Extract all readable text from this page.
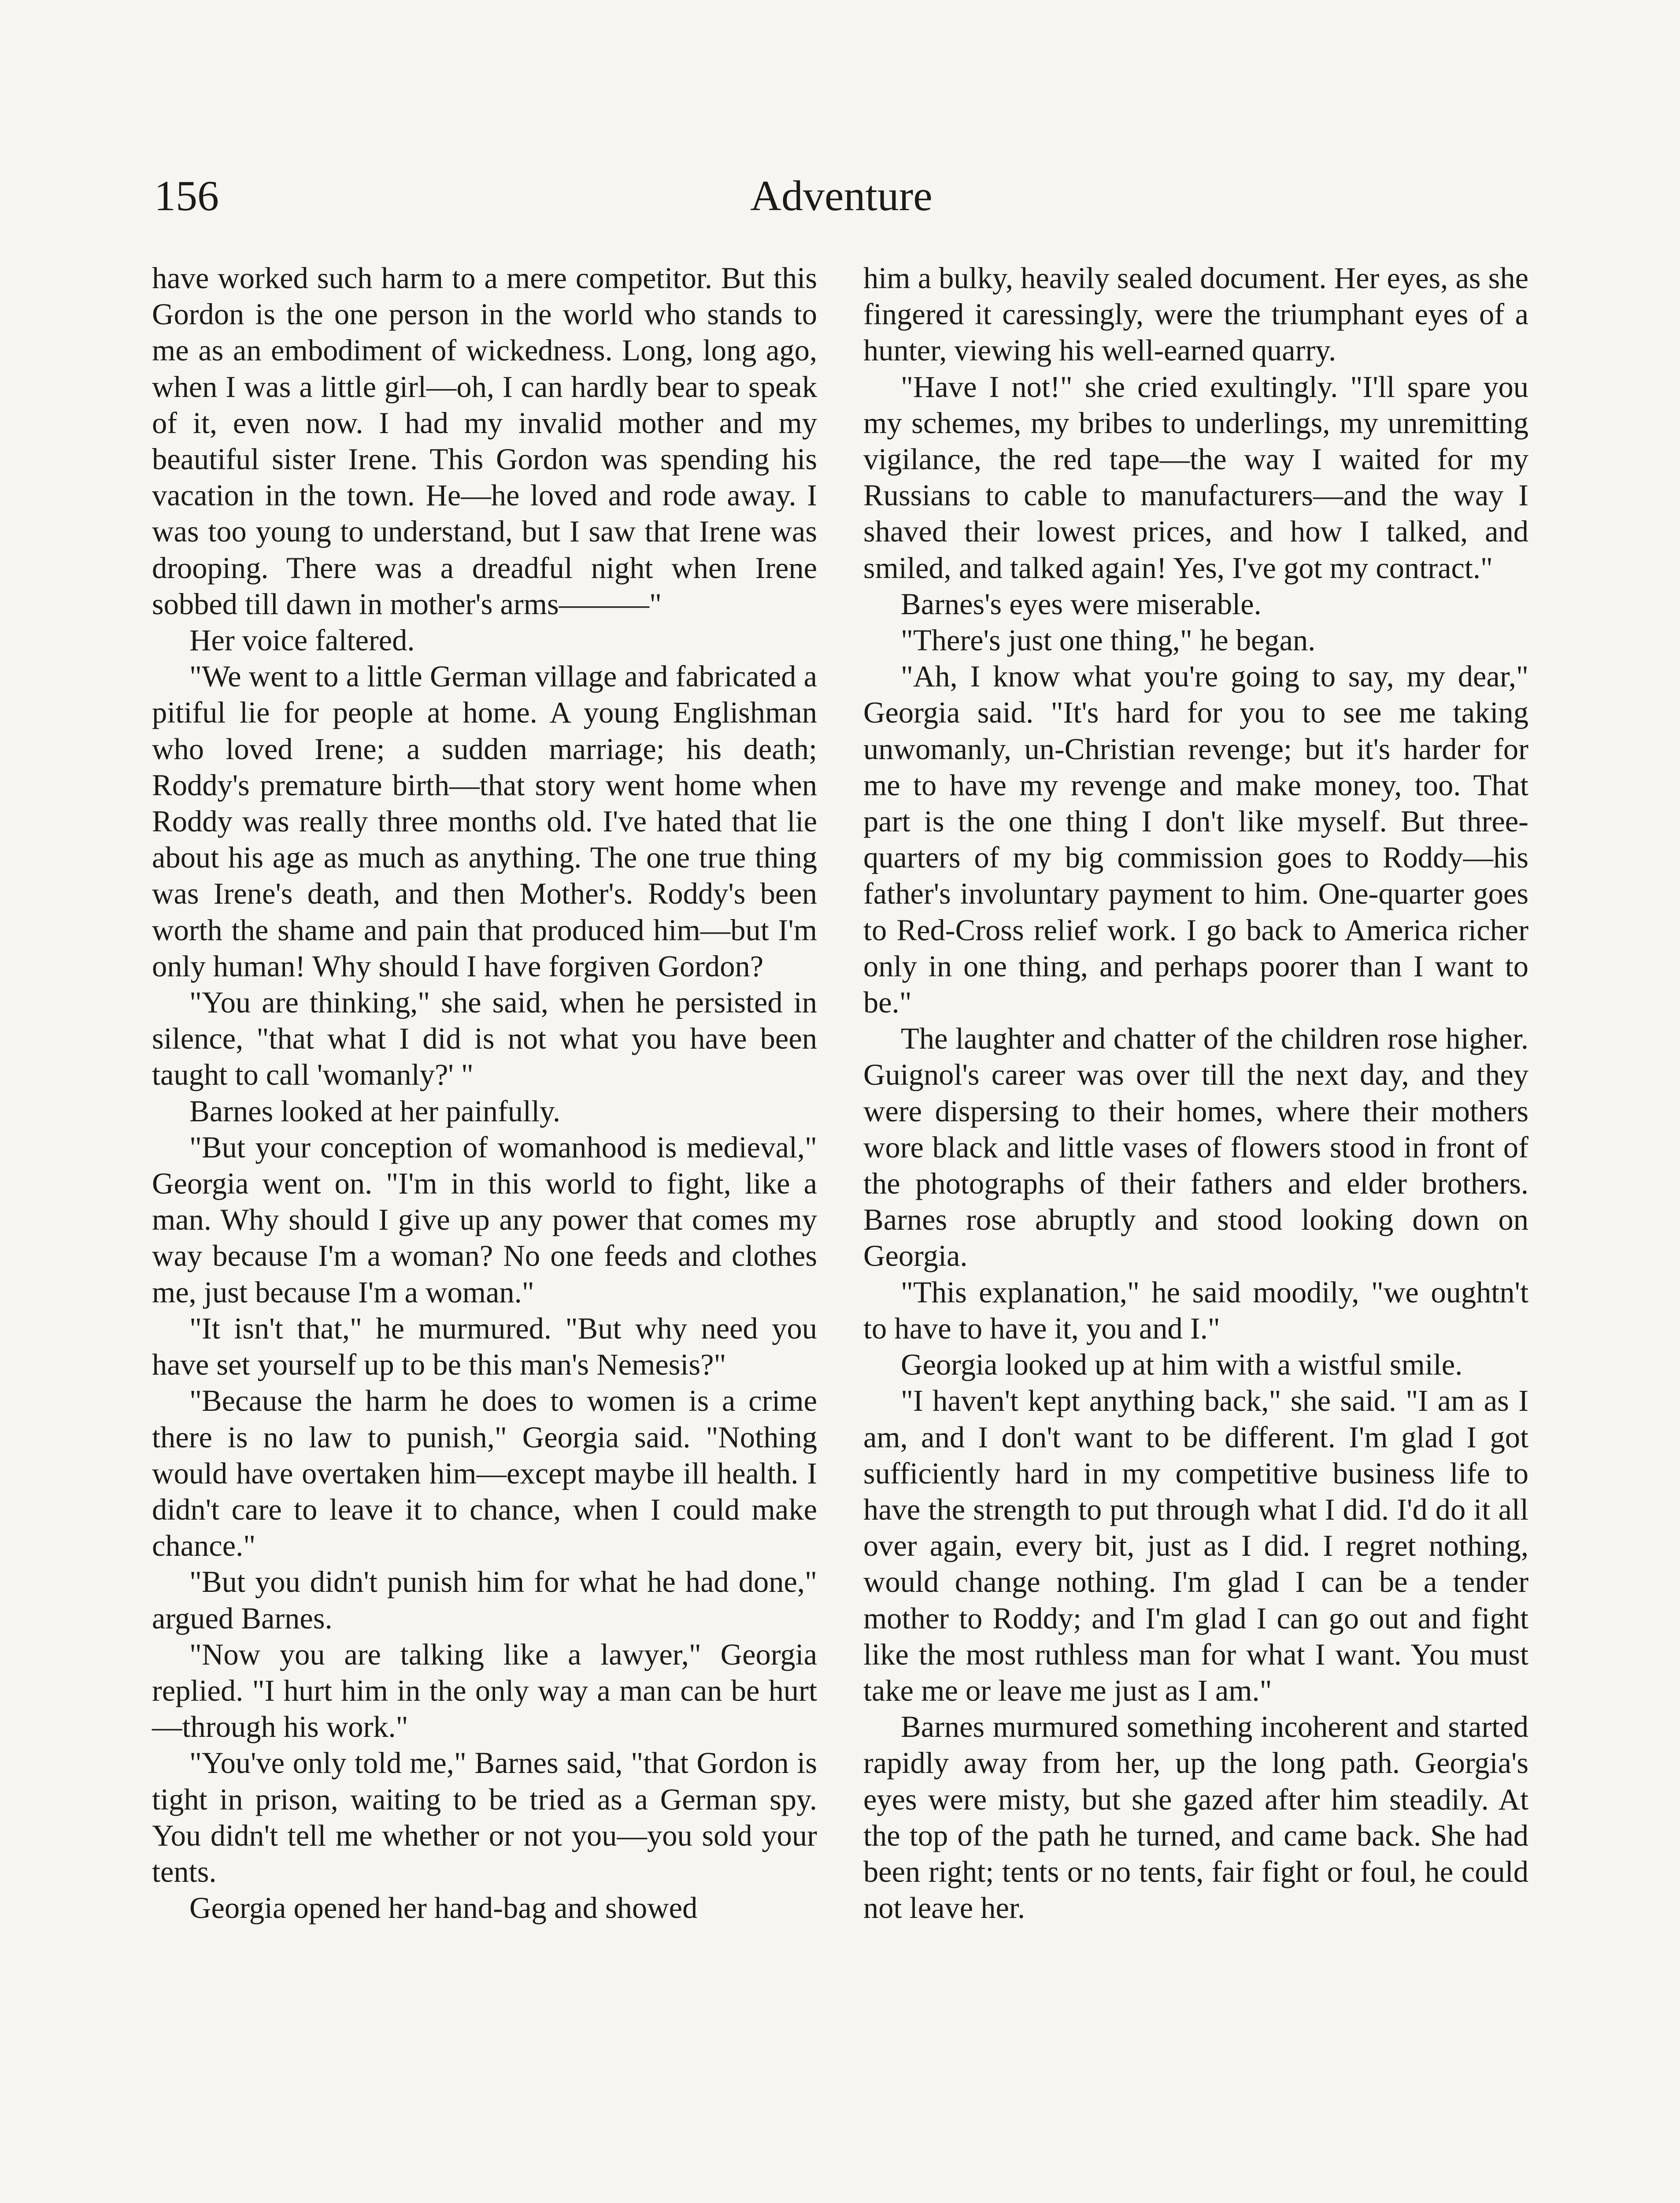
156	Adventure

have worked such harm to a mere competitor. But this Gordon is the one person in the world who stands to me as an embodiment of wickedness. Long, long ago, when I was a little girl—oh, I can hardly bear to speak of it, even now. I had my invalid mother and my beautiful sister Irene. This Gordon was spending his vacation in the town. He—he loved and rode away. I was too young to understand, but I saw that Irene was drooping. There was a dreadful night when Irene sobbed till dawn in mother's arms———"

Her voice faltered.

"We went to a little German village and fabricated a pitiful lie for people at home. A young Englishman who loved Irene; a sudden marriage; his death; Roddy's premature birth—that story went home when Roddy was really three months old. I've hated that lie about his age as much as anything. The one true thing was Irene's death, and then Mother's. Roddy's been worth the shame and pain that produced him—but I'm only human! Why should I have forgiven Gordon?

"You are thinking," she said, when he persisted in silence, "that what I did is not what you have been taught to call 'womanly?' "

Barnes looked at her painfully.

"But your conception of womanhood is medieval," Georgia went on. "I'm in this world to fight, like a man. Why should I give up any power that comes my way because I'm a woman? No one feeds and clothes me, just because I'm a woman."

"It isn't that," he murmured. "But why need you have set yourself up to be this man's Nemesis?"

"Because the harm he does to women is a crime there is no law to punish," Georgia said. "Nothing would have overtaken him—except maybe ill health. I didn't care to leave it to chance, when I could make chance."

"But you didn't punish him for what he had done," argued Barnes.

"Now you are talking like a lawyer," Georgia replied. "I hurt him in the only way a man can be hurt—through his work."

"You've only told me," Barnes said, "that Gordon is tight in prison, waiting to be tried as a German spy. You didn't tell me whether or not you—you sold your tents.

Georgia opened her hand-bag and showed

him a bulky, heavily sealed document. Her eyes, as she fingered it caressingly, were the triumphant eyes of a hunter, viewing his well-earned quarry.

"Have I not!" she cried exultingly. "I'll spare you my schemes, my bribes to underlings, my unremitting vigilance, the red tape—the way I waited for my Russians to cable to manufacturers—and the way I shaved their lowest prices, and how I talked, and smiled, and talked again! Yes, I've got my contract."

Barnes's eyes were miserable.

"There's just one thing," he began.

"Ah, I know what you're going to say, my dear," Georgia said. "It's hard for you to see me taking unwomanly, un-Christian revenge; but it's harder for me to have my revenge and make money, too. That part is the one thing I don't like myself. But three-quarters of my big commission goes to Roddy—his father's involuntary payment to him. One-quarter goes to Red-Cross relief work. I go back to America richer only in one thing, and perhaps poorer than I want to be."

The laughter and chatter of the children rose higher. Guignol's career was over till the next day, and they were dispersing to their homes, where their mothers wore black and little vases of flowers stood in front of the photographs of their fathers and elder brothers. Barnes rose abruptly and stood looking down on Georgia.

"This explanation," he said moodily, "we oughtn't to have to have it, you and I."

Georgia looked up at him with a wistful smile.

"I haven't kept anything back," she said. "I am as I am, and I don't want to be different. I'm glad I got sufficiently hard in my competitive business life to have the strength to put through what I did. I'd do it all over again, every bit, just as I did. I regret nothing, would change nothing. I'm glad I can be a tender mother to Roddy; and I'm glad I can go out and fight like the most ruthless man for what I want. You must take me or leave me just as I am."

Barnes murmured something incoherent and started rapidly away from her, up the long path. Georgia's eyes were misty, but she gazed after him steadily. At the top of the path he turned, and came back. She had been right; tents or no tents, fair fight or foul, he could not leave her.
